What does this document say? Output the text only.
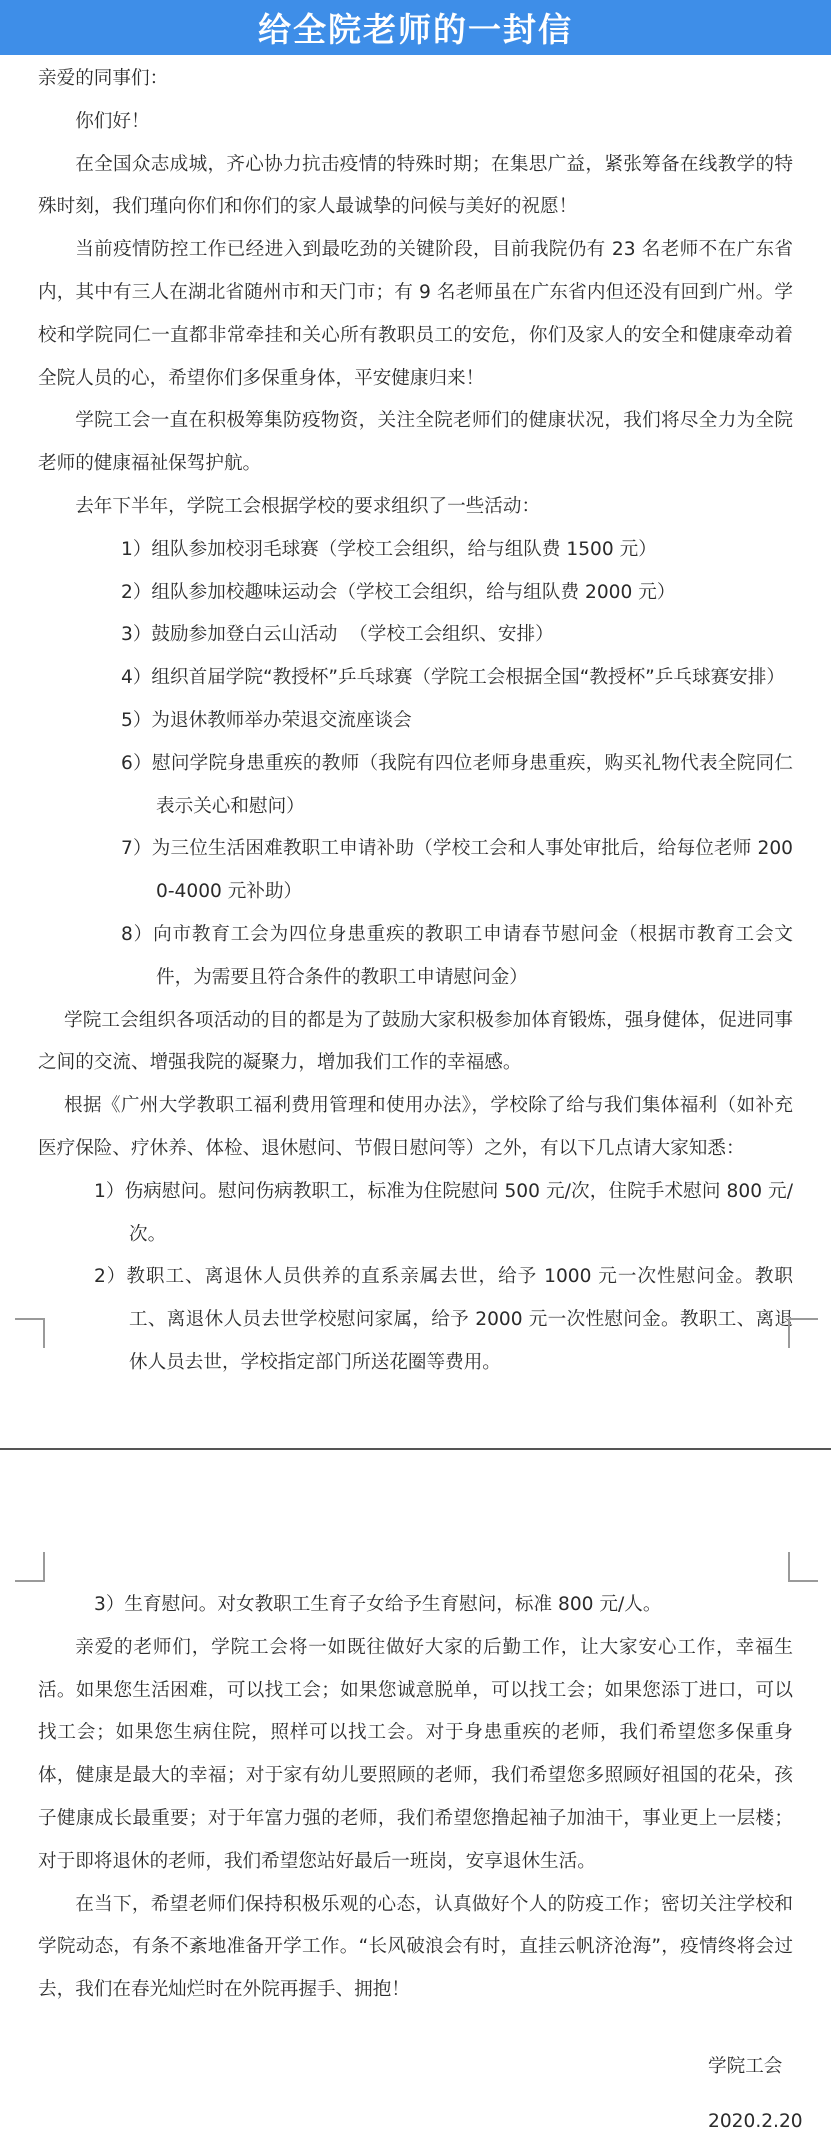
给全院老师的一封信

亲爱的同事们：

你们好！

在全国众志成城，齐心协力抗击疫情的特殊时期；在集思广益，紧张筹备在线教学的特殊时刻，我们瑾向你们和你们的家人最诚挚的问候与美好的祝愿！

当前疫情防控工作已经进入到最吃劲的关键阶段，目前我院仍有 23 名老师不在广东省内，其中有三人在湖北省随州市和天门市；有 9 名老师虽在广东省内但还没有回到广州。学校和学院同仁一直都非常牵挂和关心所有教职员工的安危，你们及家人的安全和健康牵动着全院人员的心，希望你们多保重身体，平安健康归来！

学院工会一直在积极筹集防疫物资，关注全院老师们的健康状况，我们将尽全力为全院老师的健康福祉保驾护航。

去年下半年，学院工会根据学校的要求组织了一些活动：

1）组队参加校羽毛球赛（学校工会组织，给与组队费 1500 元）

2）组队参加校趣味运动会（学校工会组织，给与组队费 2000 元）

3）鼓励参加登白云山活动  （学校工会组织、安排）

4）组织首届学院“教授杯”乒乓球赛（学院工会根据全国“教授杯”乒乓球赛安排）

5）为退休教师举办荣退交流座谈会

6）慰问学院身患重疾的教师（我院有四位老师身患重疾，购买礼物代表全院同仁表示关心和慰问）

7）为三位生活困难教职工申请补助（学校工会和人事处审批后，给每位老师 2000-4000 元补助）

8）向市教育工会为四位身患重疾的教职工申请春节慰问金（根据市教育工会文件，为需要且符合条件的教职工申请慰问金）

学院工会组织各项活动的目的都是为了鼓励大家积极参加体育锻炼，强身健体，促进同事之间的交流、增强我院的凝聚力，增加我们工作的幸福感。

根据《广州大学教职工福利费用管理和使用办法》，学校除了给与我们集体福利（如补充医疗保险、疗休养、体检、退休慰问、节假日慰问等）之外，有以下几点请大家知悉：

1）伤病慰问。慰问伤病教职工，标准为住院慰问 500 元/次，住院手术慰问 800 元/次。

2）教职工、离退休人员供养的直系亲属去世，给予 1000 元一次性慰问金。教职工、离退休人员去世学校慰问家属，给予 2000 元一次性慰问金。教职工、离退休人员去世，学校指定部门所送花圈等费用。

3）生育慰问。对女教职工生育子女给予生育慰问，标准 800 元/人。

亲爱的老师们，学院工会将一如既往做好大家的后勤工作，让大家安心工作，幸福生活。如果您生活困难，可以找工会；如果您诚意脱单，可以找工会；如果您添丁进口，可以找工会；如果您生病住院，照样可以找工会。对于身患重疾的老师，我们希望您多保重身体，健康是最大的幸福；对于家有幼儿要照顾的老师，我们希望您多照顾好祖国的花朵，孩子健康成长最重要；对于年富力强的老师，我们希望您撸起袖子加油干，事业更上一层楼；对于即将退休的老师，我们希望您站好最后一班岗，安享退休生活。

在当下，希望老师们保持积极乐观的心态，认真做好个人的防疫工作；密切关注学校和学院动态，有条不紊地准备开学工作。“长风破浪会有时，直挂云帆济沧海”，疫情终将会过去，我们在春光灿烂时在外院再握手、拥抱！

学院工会
2020.2.20
